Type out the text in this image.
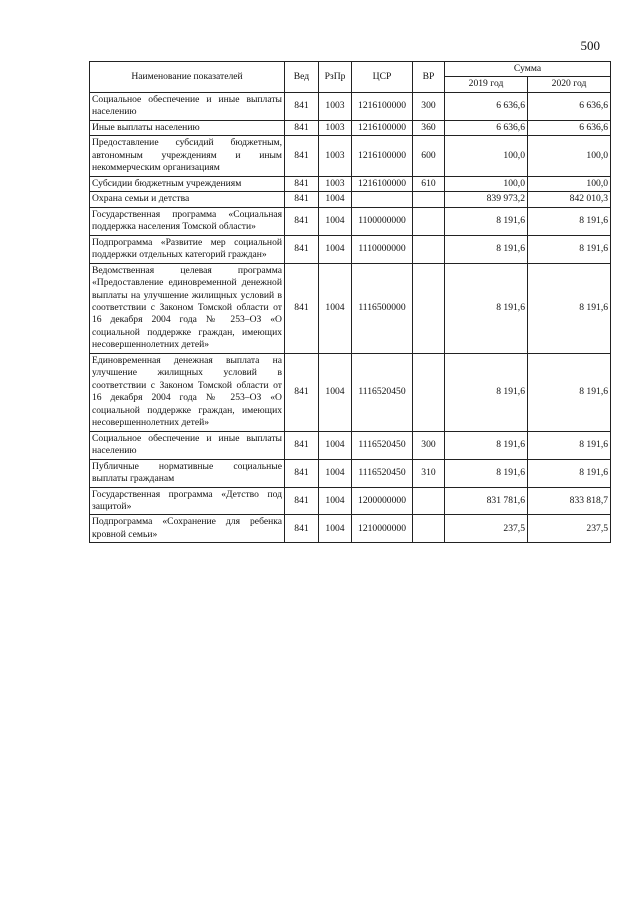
500
Наименование показателей	Вед	РзПр	ЦСР	ВР	Сумма	
					2019 год	2020 год
Социальное обеспечение и иные выплаты населению	841	1003	1216100000	300	6 636,6	6 636,6
Иные выплаты населению	841	1003	1216100000	360	6 636,6	6 636,6
Предоставление субсидий бюджетным, автономным учреждениям и иным некоммерческим организациям	841	1003	1216100000	600	100,0	100,0
Субсидии бюджетным учреждениям	841	1003	1216100000	610	100,0	100,0
Охрана семьи и детства	841	1004			839 973,2	842 010,3
Государственная программа «Социальная поддержка населения Томской области»	841	1004	1100000000		8 191,6	8 191,6
Подпрограмма «Развитие мер социальной поддержки отдельных категорий граждан»	841	1004	1110000000		8 191,6	8 191,6
Ведомственная целевая программа «Предоставление единовременной денежной выплаты на улучшение жилищных условий в соответствии с Законом Томской области от 16 декабря 2004 года № 253–ОЗ «О социальной поддержке граждан, имеющих несовершеннолетних детей»	841	1004	1116500000		8 191,6	8 191,6
Единовременная денежная выплата на улучшение жилищных условий в соответствии с Законом Томской области от 16 декабря 2004 года № 253–ОЗ «О социальной поддержке граждан, имеющих несовершеннолетних детей»	841	1004	1116520450		8 191,6	8 191,6
Социальное обеспечение и иные выплаты населению	841	1004	1116520450	300	8 191,6	8 191,6
Публичные нормативные социальные выплаты гражданам	841	1004	1116520450	310	8 191,6	8 191,6
Государственная программа «Детство под защитой»	841	1004	1200000000		831 781,6	833 818,7
Подпрограмма «Сохранение для ребенка кровной семьи»	841	1004	1210000000		237,5	237,5
